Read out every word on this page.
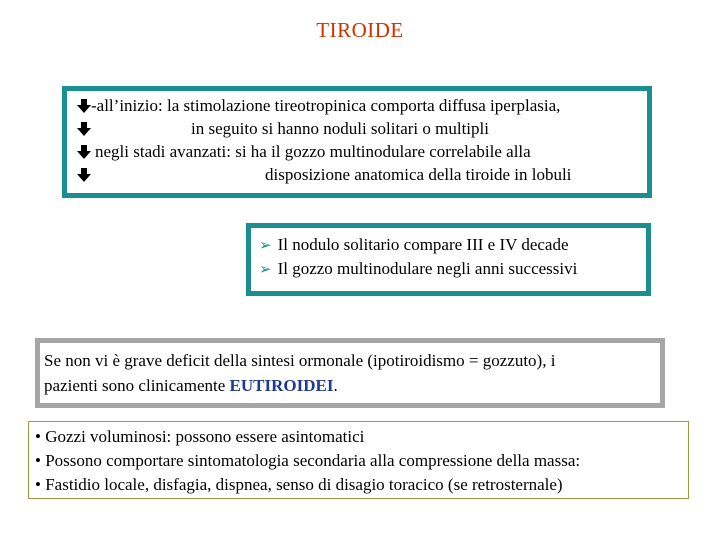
TIROIDE
-all’inizio: la stimolazione tireotropinica comporta diffusa iperplasia,
in seguito si hanno noduli solitari o multipli
negli stadi avanzati: si ha il gozzo multinodulare correlabile alla
disposizione anatomica della tiroide in lobuli
➢ Il nodulo solitario compare III e IV decade
➢ Il gozzo multinodulare negli anni successivi
Se non vi è grave deficit della sintesi ormonale (ipotiroidismo = gozzuto), i
pazienti sono clinicamente EUTIROIDEI.
• Gozzi voluminosi: possono essere asintomatici
• Possono comportare sintomatologia secondaria alla compressione della massa:
• Fastidio locale, disfagia, dispnea, senso di disagio toracico (se retrosternale)
